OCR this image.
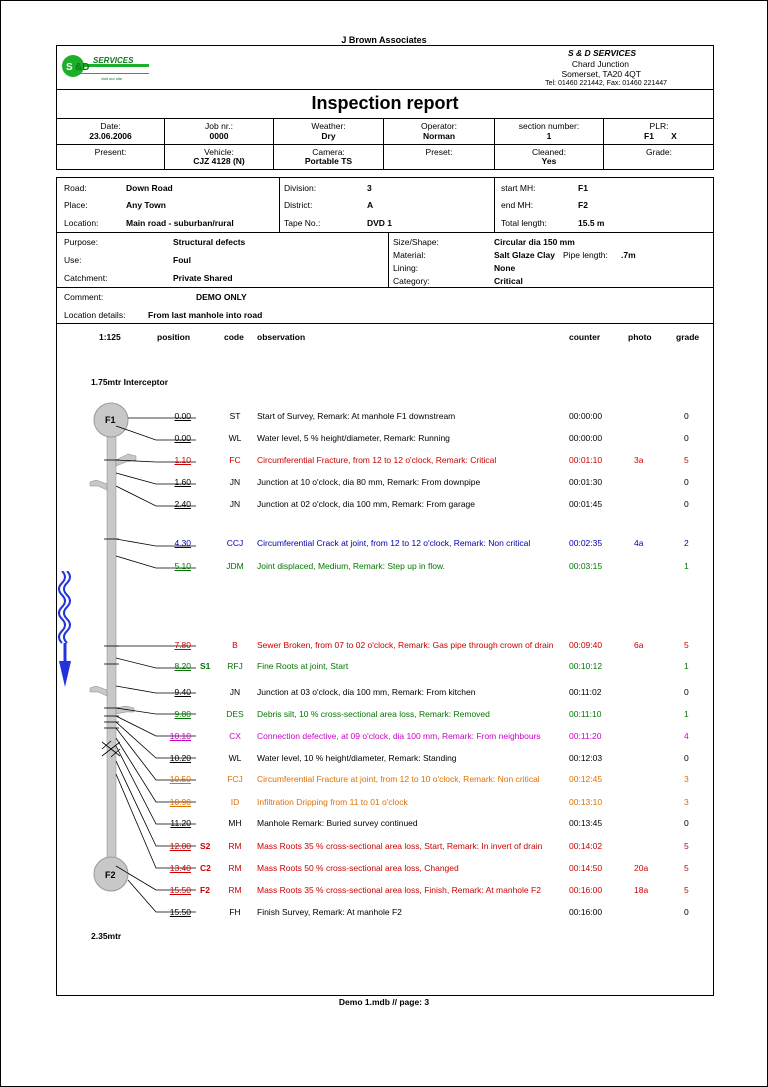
J Brown Associates
S &D
SERVICES
visit our site
S & D SERVICES
Chard Junction
Somerset, TA20 4QT
Tel: 01460 221442, Fax: 01460 221447
Inspection report
Date:
23.06.2006
Job nr.:
0000
Weather:
Dry
Operator:
Norman
section number:
1
PLR:
F1	X
Present:	Vehicle:
CJZ 4128 (N)
Camera:
Portable TS
Preset:	Cleaned:
Yes
Grade:
Road:	Down Road
Place:	Any Town
Location:	Main road - suburban/rural
Division:	3
District:	A
Tape No.:	DVD 1
start MH:	F1
end MH:	F2
Total length:	15.5 m
Purpose:	Structural defects
Use:	Foul
Catchment:	Private Shared
Size/Shape:	Circular dia 150 mm
Material:	Salt Glaze Clay Pipe length: .7m
Lining:	None
Category:	Critical
Comment:	DEMO ONLY
Location details:	From last manhole into road
1:125	position	code observation	counter	photo	grade
1.75mtr Interceptor
2.35mtr
F1
F2
0.00	ST	Start of Survey, Remark: At manhole F1 downstream	00:00:00	0
0.00	WL	Water level, 5 % height/diameter, Remark: Running	00:00:00	0
1.10	FC	Circumferential Fracture, from 12 to 12 o'clock, Remark: Critical	00:01:10	3a	5
1.60	JN	Junction at 10 o'clock, dia 80 mm, Remark: From downpipe	00:01:30	0
2.40	JN	Junction at 02 o'clock, dia 100 mm, Remark: From garage	00:01:45	0
4.30	CCJ	Circumferential Crack at joint, from 12 to 12 o'clock, Remark: Non critical	00:02:35	4a	2
5.10	JDM	Joint displaced, Medium, Remark: Step up in flow.	00:03:15	1
7.80	B	Sewer Broken, from 07 to 02 o'clock, Remark: Gas pipe through crown of drain	00:09:40	6a	5
8.20 S1	RFJ	Fine Roots at joint, Start	00:10:12	1
9.40	JN	Junction at 03 o'clock, dia 100 mm, Remark: From kitchen	00:11:02	0
9.80	DES	Debris silt, 10 % cross-sectional area loss, Remark: Removed	00:11:10	1
10.10	CX	Connection defective, at 09 o'clock, dia 100 mm, Remark: From neighbours	00:11:20	4
10.20	WL	Water level, 10 % height/diameter, Remark: Standing	00:12:03	0
10.50	FCJ	Circumferential Fracture at joint, from 12 to 10 o'clock, Remark: Non critical	00:12:45	3
10.90	ID	Infiltration Dripping from 11 to 01 o'clock	00:13:10	3
11.20	MH	Manhole Remark: Buried survey continued	00:13:45	0
12.00 S2	RM	Mass Roots 35 % cross-sectional area loss, Start, Remark: In invert of drain	00:14:02	5
13.40 C2	RM	Mass Roots 50 % cross-sectional area loss, Changed	00:14:50	20a	5
15.50 F2	RM	Mass Roots 35 % cross-sectional area loss, Finish, Remark: At manhole F2	00:16:00	18a	5
15.50	FH	Finish Survey, Remark: At manhole F2	00:16:00	0
Demo 1.mdb // page: 3
